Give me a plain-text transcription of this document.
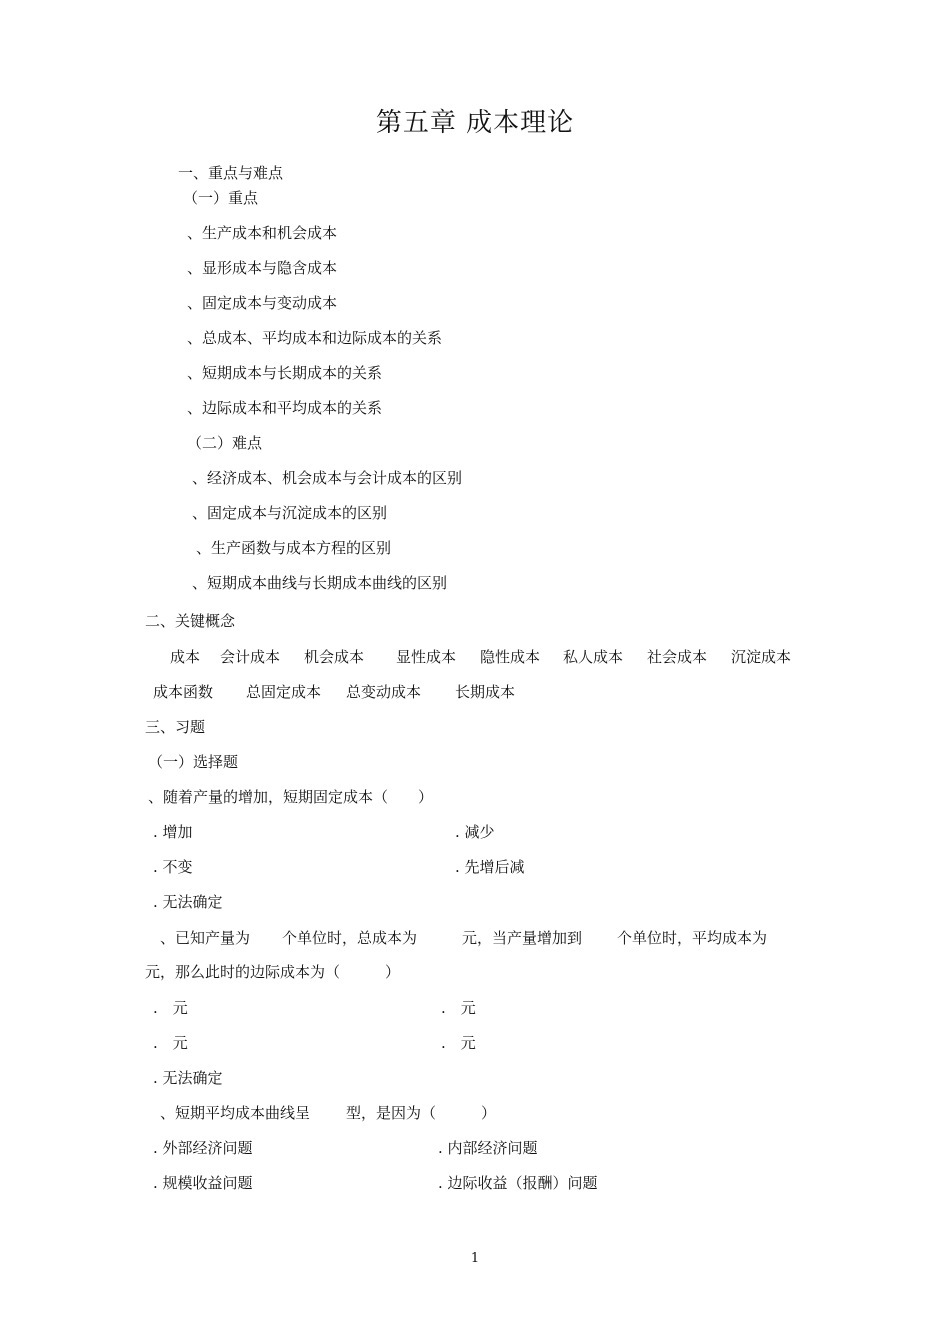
第五章 成本理论
一、重点与难点
（一）重点
、生产成本和机会成本
、显形成本与隐含成本
、固定成本与变动成本
、总成本、平均成本和边际成本的关系
、短期成本与长期成本的关系
、边际成本和平均成本的关系
（二）难点
、经济成本、机会成本与会计成本的区别
、固定成本与沉淀成本的区别
、生产函数与成本方程的区别
、短期成本曲线与长期成本曲线的区别
二、关键概念
成本 会计成本 机会成本 显性成本 隐性成本 私人成本 社会成本 沉淀成本
成本函数 总固定成本 总变动成本 长期成本
三、习题
（一）选择题
、随着产量的增加，短期固定成本（　　）
. 增加	. 减少
. 不变	. 先增后减
. 无法确定
、已知产量为 个单位时，总成本为	元，当产量增加到 个单位时，平均成本为
元，那么此时的边际成本为（　　　）
.　元	.　元
.　元	.　元
. 无法确定
、短期平均成本曲线呈 型，是因为（　　　）
. 外部经济问题	. 内部经济问题
. 规模收益问题	. 边际收益（报酬）问题
1
